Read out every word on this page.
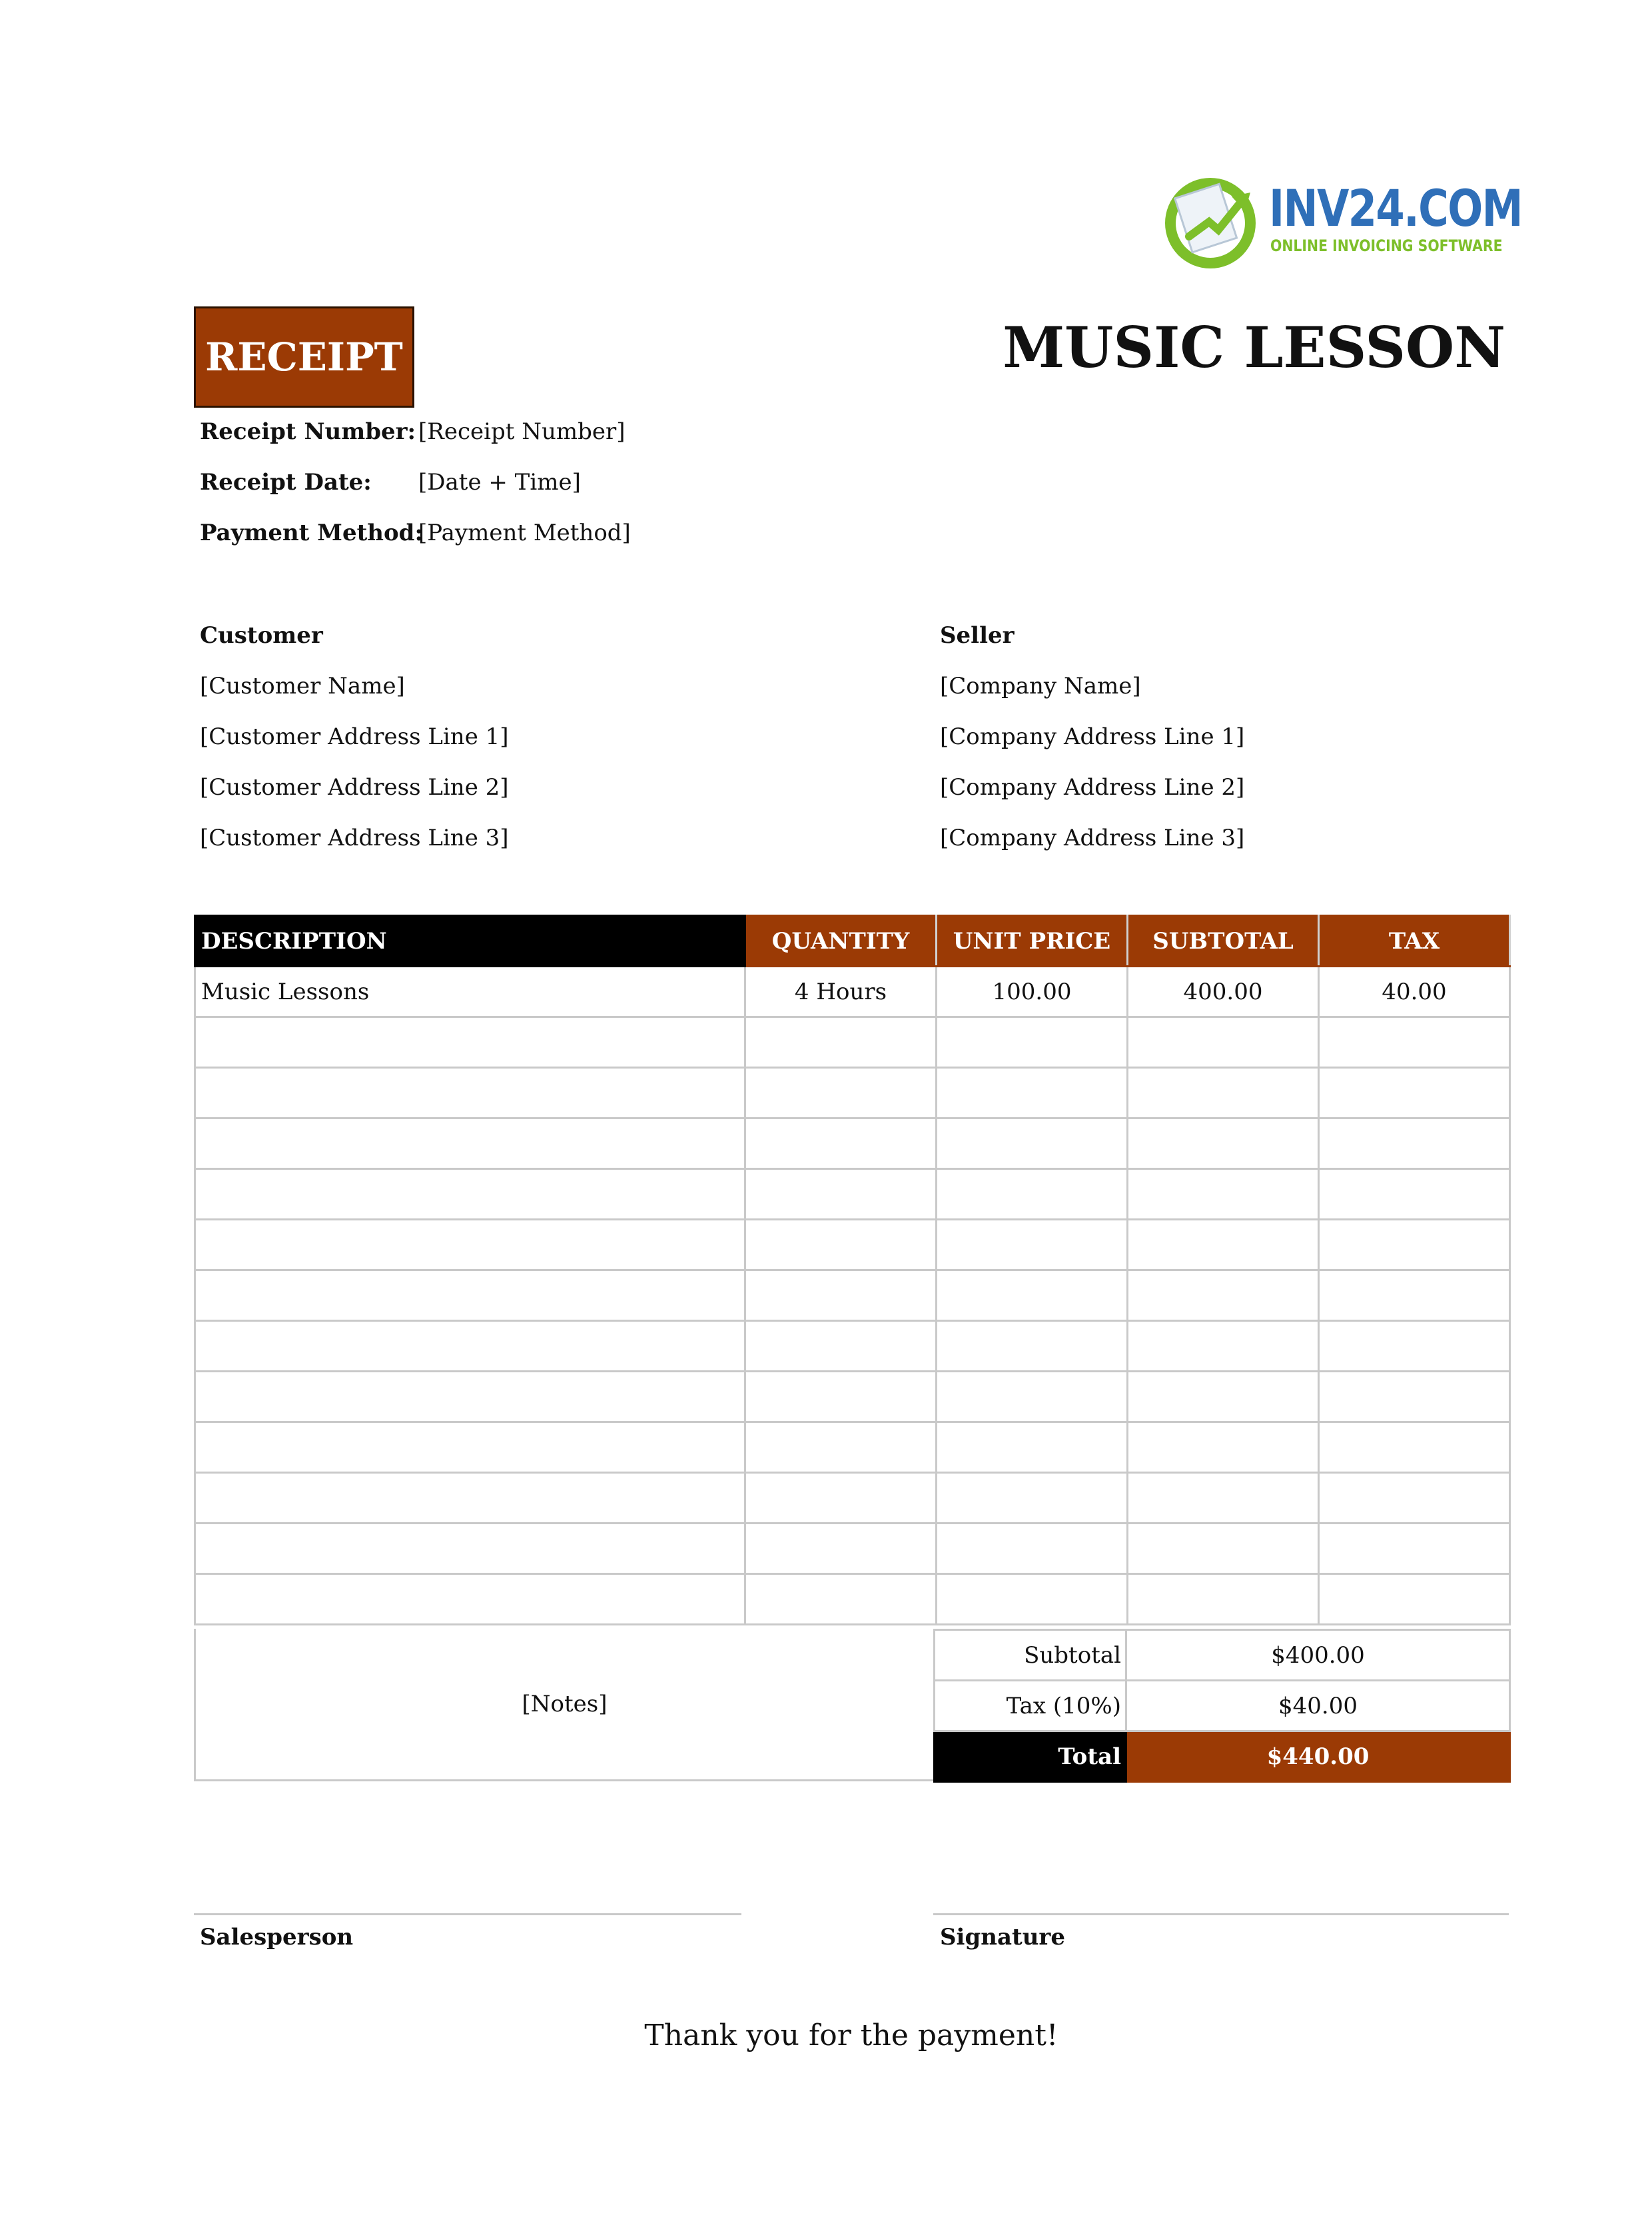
INV24.COM
ONLINE INVOICING SOFTWARE
RECEIPT	MUSIC LESSON
Receipt Number: [Receipt Number]
Receipt Date: [Date + Time]
Payment Method:
[Payment Method]
Customer
[Customer Name]
[Customer Address Line 1]
[Customer Address Line 2]
[Customer Address Line 3]
Seller
[Company Name]
[Company Address Line 1]
[Company Address Line 2]
[Company Address Line 3]
DESCRIPTION	QUANTITY	UNIT PRICE	SUBTOTAL	TAX
Music Lessons	4 Hours	100.00	400.00	40.00

[Notes]
Subtotal	$400.00
Tax (10%)	$40.00
Total	$440.00
Salesperson	Signature
Thank you for the payment!
